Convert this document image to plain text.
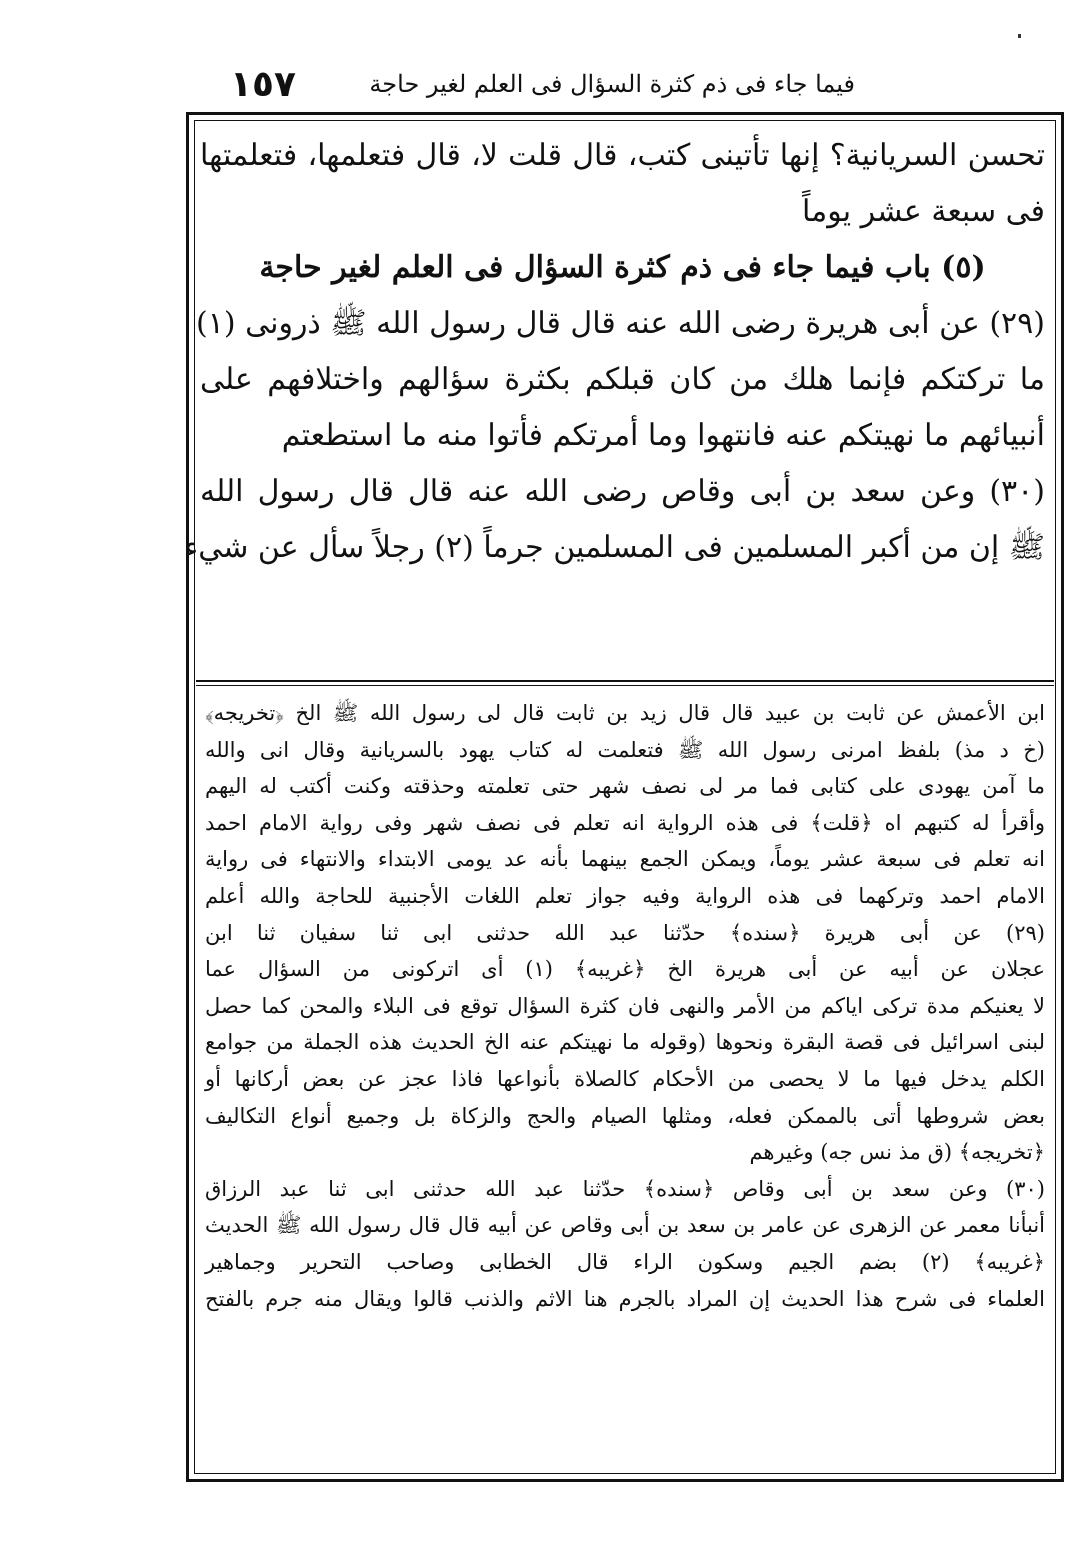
١٥٧	فيما جاء فى ذم كثرة السؤال فى العلم لغير حاجة
تحسن السريانية؟ إنها تأتينى كتب، قال قلت لا، قال فتعلمها، فتعلمتها
فى سبعة عشر يوماً
(٥) باب فيما جاء فى ذم كثرة السؤال فى العلم لغير حاجة
(٢٩) عن أبى هريرة رضى الله عنه قال قال رسول الله ﷺ ذرونى (١)
ما تركتكم فإنما هلك من كان قبلكم بكثرة سؤالهم واختلافهم على
أنبيائهم ما نهيتكم عنه فانتهوا وما أمرتكم فأتوا منه ما استطعتم
(٣٠) وعن سعد بن أبى وقاص رضى الله عنه قال قال رسول الله
ﷺ إن من أكبر المسلمين فى المسلمين جرماً (٢) رجلاً سأل عن شيء
ابن الأعمش عن ثابت بن عبيد قال قال زيد بن ثابت قال لى رسول الله ﷺ الخ ﴿تخريجه﴾
(خ د مذ) بلفظ امرنى رسول الله ﷺ فتعلمت له كتاب يهود بالسريانية وقال انى والله
ما آمن يهودى على كتابى فما مر لى نصف شهر حتى تعلمته وحذقته وكنت أكتب له اليهم
وأقرأ له كتبهم اه ﴿قلت﴾ فى هذه الرواية انه تعلم فى نصف شهر وفى رواية الامام احمد
انه تعلم فى سبعة عشر يوماً، ويمكن الجمع بينهما بأنه عد يومى الابتداء والانتهاء فى رواية
الامام احمد وتركهما فى هذه الرواية وفيه جواز تعلم اللغات الأجنبية للحاجة والله أعلم
(٢٩) عن أبى هريرة ﴿سنده﴾ حدّثنا عبد الله حدثنى ابى ثنا سفيان ثنا ابن
عجلان عن أبيه عن أبى هريرة الخ ﴿غريبه﴾ (١) أى اتركونى من السؤال عما
لا يعنيكم مدة تركى اياكم من الأمر والنهى فان كثرة السؤال توقع فى البلاء والمحن كما حصل
لبنى اسرائيل فى قصة البقرة ونحوها (وقوله ما نهيتكم عنه الخ الحديث هذه الجملة من جوامع
الكلم يدخل فيها ما لا يحصى من الأحكام كالصلاة بأنواعها فاذا عجز عن بعض أركانها أو
بعض شروطها أتى بالممكن فعله، ومثلها الصيام والحج والزكاة بل وجميع أنواع التكاليف
﴿تخريجه﴾ (ق مذ نس جه) وغيرهم
(٣٠) وعن سعد بن أبى وقاص ﴿سنده﴾ حدّثنا عبد الله حدثنى ابى ثنا عبد الرزاق
أنبأنا معمر عن الزهرى عن عامر بن سعد بن أبى وقاص عن أبيه قال قال رسول الله ﷺ الحديث
﴿غريبه﴾ (٢) بضم الجيم وسكون الراء قال الخطابى وصاحب التحرير وجماهير
العلماء فى شرح هذا الحديث إن المراد بالجرم هنا الاثم والذنب قالوا ويقال منه جرم بالفتح
